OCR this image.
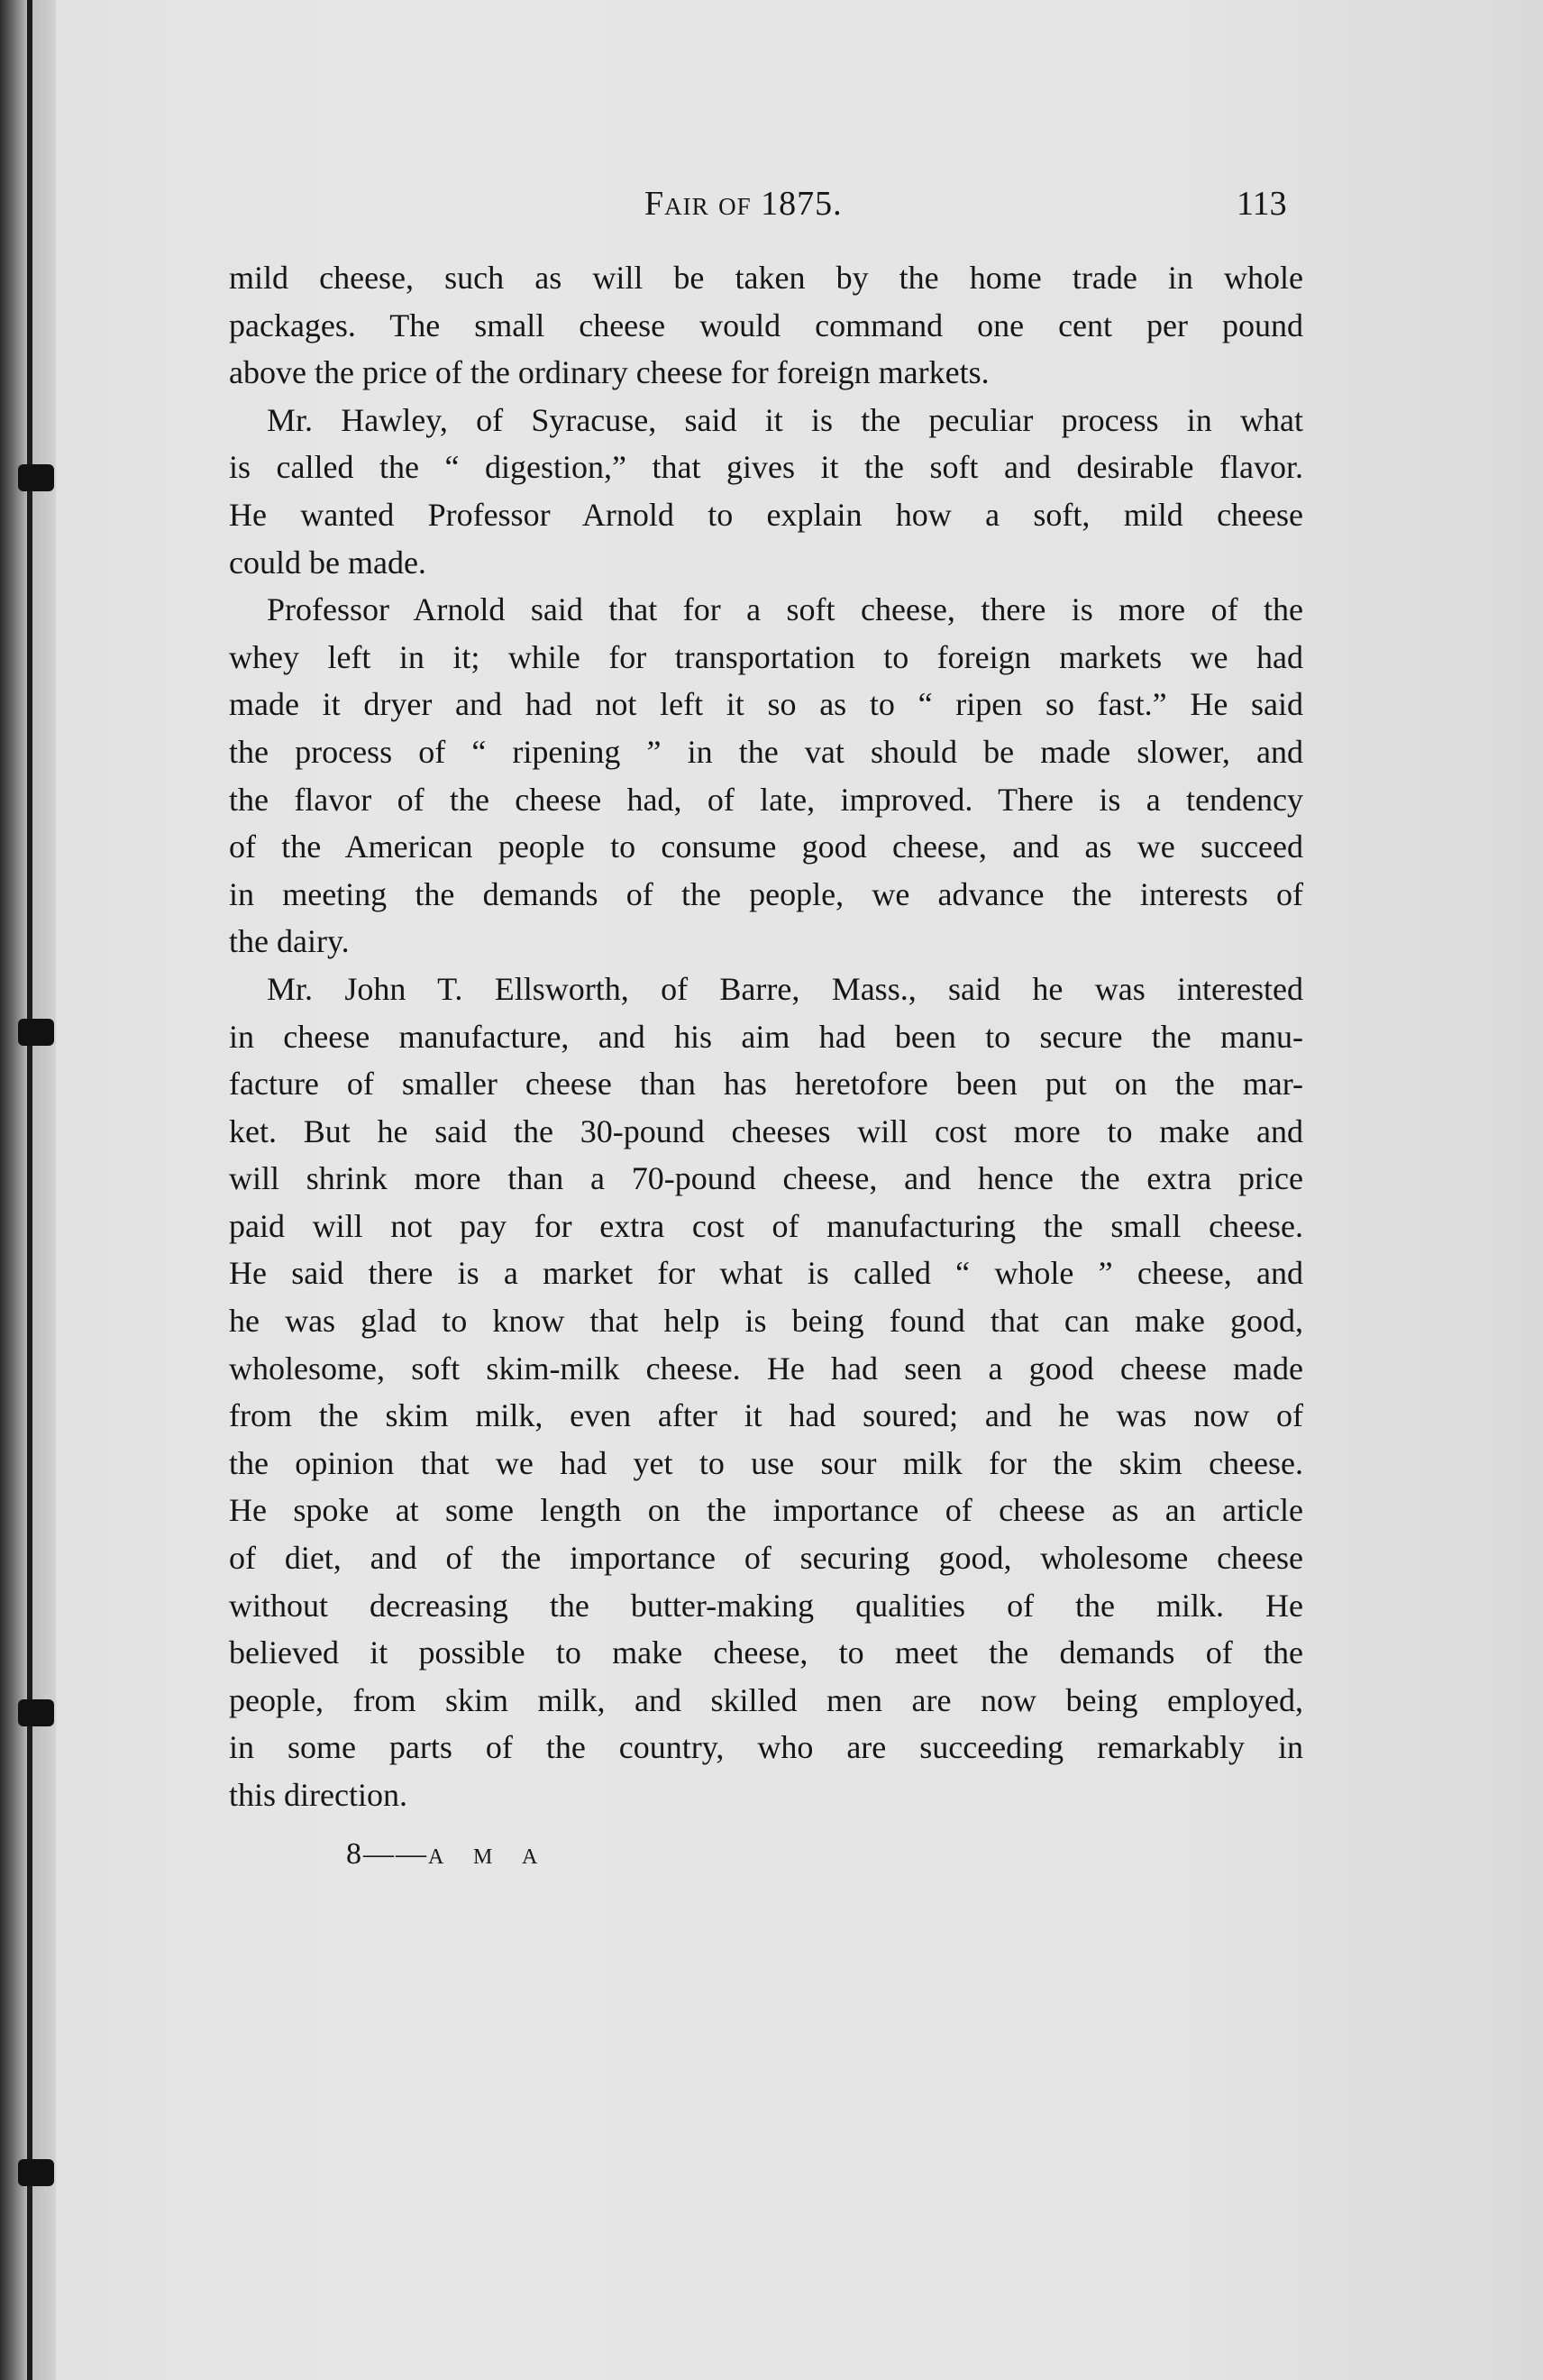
Fair of 1875.	113

mild cheese, such as will be taken by the home trade in whole

packages. The small cheese would command one cent per pound

above the price of the ordinary cheese for foreign markets.

Mr. Hawley, of Syracuse, said it is the peculiar process in what

is called the “ digestion,” that gives it the soft and desirable flavor.

He wanted Professor Arnold to explain how a soft, mild cheese

could be made.

Professor Arnold said that for a soft cheese, there is more of the

whey left in it; while for transportation to foreign markets we had

made it dryer and had not left it so as to “ ripen so fast.” He said

the process of “ ripening ” in the vat should be made slower, and

the flavor of the cheese had, of late, improved. There is a tendency

of the American people to consume good cheese, and as we succeed

in meeting the demands of the people, we advance the interests of

the dairy.

Mr. John T. Ellsworth, of Barre, Mass., said he was interested

in cheese manufacture, and his aim had been to secure the manu-

facture of smaller cheese than has heretofore been put on the mar-

ket. But he said the 30-pound cheeses will cost more to make and

will shrink more than a 70-pound cheese, and hence the extra price

paid will not pay for extra cost of manufacturing the small cheese.

He said there is a market for what is called “ whole ” cheese, and

he was glad to know that help is being found that can make good,

wholesome, soft skim-milk cheese. He had seen a good cheese made

from the skim milk, even after it had soured; and he was now of

the opinion that we had yet to use sour milk for the skim cheese.

He spoke at some length on the importance of cheese as an article

of diet, and of the importance of securing good, wholesome cheese

without decreasing the butter-making qualities of the milk. He

believed it possible to make cheese, to meet the demands of the

people, from skim milk, and skilled men are now being employed,

in some parts of the country, who are succeeding remarkably in

this direction.

8——A M A
